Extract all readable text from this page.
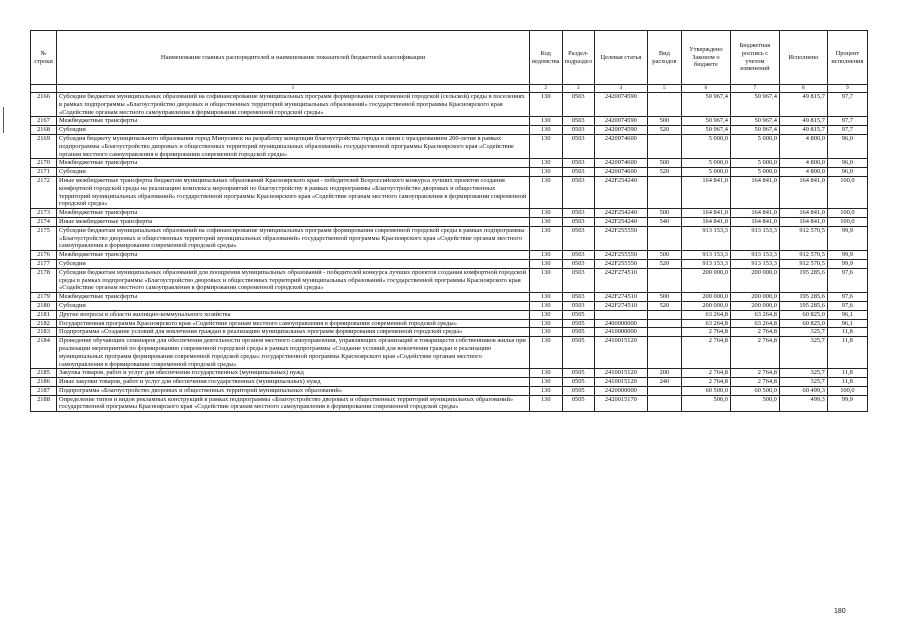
№ строки	Наименование главных распорядителей и наименование показателей бюджетной классификации	Код ведомства	Раздел-подраздел	Целевая статья	Вид расходов	Утверждено Законом о бюджете	Бюджетная роспись с учетом изменений	Исполнено	Процент исполнения
	1	2	3	4	5	6	7	8	9
2166	Субсидии бюджетам муниципальных образований на софинансирование муниципальных программ формирования современной городской (сельской) среды в поселениях в рамках подпрограммы «Благоустройство дворовых и общественных территорий муниципальных образований» государственной программы Красноярского края «Содействие органам местного самоуправления в формировании современной городской среды»	130	0503	2420074590		50 967,4	50 967,4	49 815,7	97,7
2167	Межбюджетные трансферты	130	0503	2420074590	500	50 967,4	50 967,4	49 815,7	97,7
2168	Субсидии	130	0503	2420074590	520	50 967,4	50 967,4	49 815,7	97,7
2169	Субсидия бюджету муниципального образования город Минусинск на разработку концепции благоустройства города в связи с празднованием 200-летия в рамках подпрограммы «Благоустройство дворовых и общественных территорий муниципальных образований» государственной программы Красноярского края «Содействие органам местного самоуправления в формировании современной городской среды»	130	0503	2420074600		5 000,0	5 000,0	4 800,0	96,0
2170	Межбюджетные трансферты	130	0503	2420074600	500	5 000,0	5 000,0	4 800,0	96,0
2171	Субсидии	130	0503	2420074600	520	5 000,0	5 000,0	4 800,0	96,0
2172	Иные межбюджетные трансферты бюджетам муниципальных образований Красноярского края - победителей Всероссийского конкурса лучших проектов создания комфортной городской среды на реализацию комплекса мероприятий по благоустройству в рамках подпрограммы «Благоустройство дворовых и общественных территорий муниципальных образований» государственной программы Красноярского края «Содействие органам местного самоуправления в формировании современной городской среды»	130	0503	242F254240		164 841,0	164 841,0	164 841,0	100,0
2173	Межбюджетные трансферты	130	0503	242F254240	500	164 841,0	164 841,0	164 841,0	100,0
2174	Иные межбюджетные трансферты	130	0503	242F254240	540	164 841,0	164 841,0	164 841,0	100,0
2175	Субсидии бюджетам муниципальных образований на софинансирование муниципальных программ формирования современной городской среды в рамках подпрограммы «Благоустройство дворовых и общественных территорий муниципальных образований» государственной программы Красноярского края «Содействие органам местного самоуправления в формировании современной городской среды»	130	0503	242F255550		913 153,3	913 153,3	912 570,5	99,9
2176	Межбюджетные трансферты	130	0503	242F255550	500	913 153,3	913 153,3	912 570,5	99,9
2177	Субсидии	130	0503	242F255550	520	913 153,3	913 153,3	912 570,5	99,9
2178	Субсидии бюджетам муниципальных образований для поощрения муниципальных образований - победителей конкурса лучших проектов создания комфортной городской среды в рамках подпрограммы «Благоустройство дворовых и общественных территорий муниципальных образований» государственной программы Красноярского края «Содействие органам местного самоуправления в формировании современной городской среды»	130	0503	242F274510		200 000,0	200 000,0	195 285,6	97,6
2179	Межбюджетные трансферты	130	0503	242F274510	500	200 000,0	200 000,0	195 285,6	97,6
2180	Субсидии	130	0503	242F274510	520	200 000,0	200 000,0	195 285,6	97,6
2181	Другие вопросы в области жилищно-коммунального хозяйства	130	0505			63 264,8	63 264,8	60 825,0	96,1
2182	Государственная программа Красноярского края «Содействие органам местного самоуправления в формировании современной городской среды»	130	0505	2400000000		63 264,8	63 264,8	60 825,0	96,1
2183	Подпрограмма «Создание условий для вовлечения граждан в реализацию муниципальных программ формирования современной городской среды»	130	0505	2410000000		2 764,8	2 764,8	325,7	11,8
2184	Проведение обучающих семинаров для обеспечения деятельности органов местного самоуправления, управляющих организаций и товариществ собственников жилья при реализации мероприятий по формированию современной городской среды в рамках подпрограммы «Создание условий для вовлечения граждан в реализацию муниципальных программ формирования современной городской среды» государственной программы Красноярского края «Содействие органам местного самоуправления в формировании современной городской среды»	130	0505	2410015120		2 764,8	2 764,8	325,7	11,8
2185	Закупка товаров, работ и услуг для обеспечения государственных (муниципальных) нужд	130	0505	2410015120	200	2 764,8	2 764,8	325,7	11,8
2186	Иные закупки товаров, работ и услуг для обеспечения государственных (муниципальных) нужд	130	0505	2410015120	240	2 764,8	2 764,8	325,7	11,8
2187	Подпрограмма «Благоустройство дворовых и общественных территорий муниципальных образований»	130	0505	2420000000		60 500,0	60 500,0	60 499,3	100,0
2188	Определение типов и видов рекламных конструкций в рамках подпрограммы «Благоустройство дворовых и общественных территорий муниципальных образований» государственной программы Красноярского края «Содействие органам местного самоуправления в формировании современной городской среды»	130	0505	2420015170		500,0	500,0	499,3	99,9
180
